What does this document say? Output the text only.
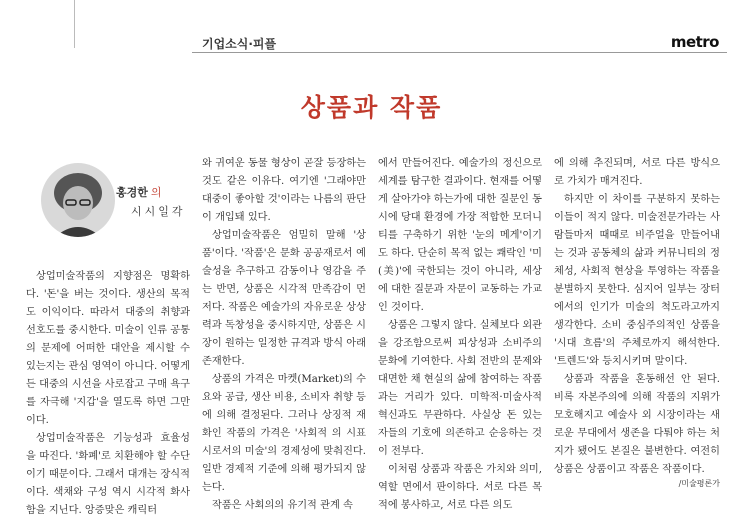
기업소식·피플	metro
상품과 작품
홍경한 의
시시일각

상업미술작품의 지향점은 명확하다. '돈'을 버는 것이다. 생산의 목적도 이익이다. 따라서 대중의 취향과 선호도를 중시한다. 미술이 인류 공통의 문제에 어떠한 대안을 제시할 수 있는지는 관심 영역이 아니다. 어떻게든 대중의 시선을 사로잡고 구매 욕구를 자극해 '지갑'을 열도록 하면 그만이다.

상업미술작품은 기능성과 효율성을 따진다. '화폐'로 치환해야 할 수단이기 때문이다. 그래서 대개는 장식적이다. 색채와 구성 역시 시각적 화사함을 지닌다. 앙증맞은 캐릭터

와 귀여운 동물 형상이 곧잘 등장하는 것도 같은 이유다. 여기엔 '그래야만 대중이 좋아할 것'이라는 나름의 판단이 개입돼 있다.

상업미술작품은 엄밀히 말해 '상품'이다. '작품'은 문화 공공재로서 예술성을 추구하고 감동이나 영감을 주는 반면, 상품은 시각적 만족감이 먼저다. 작품은 예술가의 자유로운 상상력과 독창성을 중시하지만, 상품은 시장이 원하는 일정한 규격과 방식 아래 존재한다.

상품의 가격은 마켓(Market)의 수요와 공급, 생산 비용, 소비자 취향 등에 의해 결정된다. 그러나 상징적 재화인 작품의 가격은 '사회적 의 시표시로서의 미술'의 경제성에 맞춰진다. 일반 경제적 기준에 의해 평가되지 않는다.

작품은 사회의의 유기적 관계 속

에서 만들어진다. 예술가의 정신으로 세계를 탐구한 결과이다. 현재를 어떻게 살아가야 하는가에 대한 질문인 동시에 당대 환경에 가장 적합한 모더니티를 구축하기 위한 '눈의 메게'이기도 하다. 단순히 목적 없는 쾌락인 '미(美)'에 국한되는 것이 아니라, 세상에 대한 질문과 자문이 교동하는 가교인 것이다.

상품은 그렇지 않다. 실체보다 외관을 강조함으로써 피상성과 소비주의 문화에 기여한다. 사회 전반의 문제와 대면한 채 현실의 삶에 참여하는 작품과는 거리가 있다. 미학적·미술사적 혁신과도 무관하다. 사실상 돈 있는 자들의 기호에 의존하고 순응하는 것이 전부다.

이처럼 상품과 작품은 가치와 의미, 역할 면에서 판이하다. 서로 다른 목적에 봉사하고, 서로 다른 의도

에 의해 추진되며, 서로 다른 방식으로 가치가 매겨진다.

하지만 이 차이를 구분하지 못하는 이들이 적지 않다. 미술전문가라는 사람들마저 때때로 비주얼을 만들어내는 것과 공동체의 삶과 커뮤니티의 정체성, 사회적 현상을 투영하는 작품을 분별하지 못한다. 심지어 일부는 장터에서의 인기가 미술의 척도라고까지 생각한다. 소비 중심주의적인 상품을 '시대 흐름'의 주체로까지 해석한다. '트렌드'와 등치시키며 말이다.

상품과 작품을 혼동해선 안 된다. 비록 자본주의에 의해 작품의 지위가 모호해지고 예술사 외 시장이라는 새로운 무대에서 생존을 다퉈야 하는 처지가 됐어도 본질은 불변한다. 여전히 상품은 상품이고 작품은 작품이다.

/미술평론가
